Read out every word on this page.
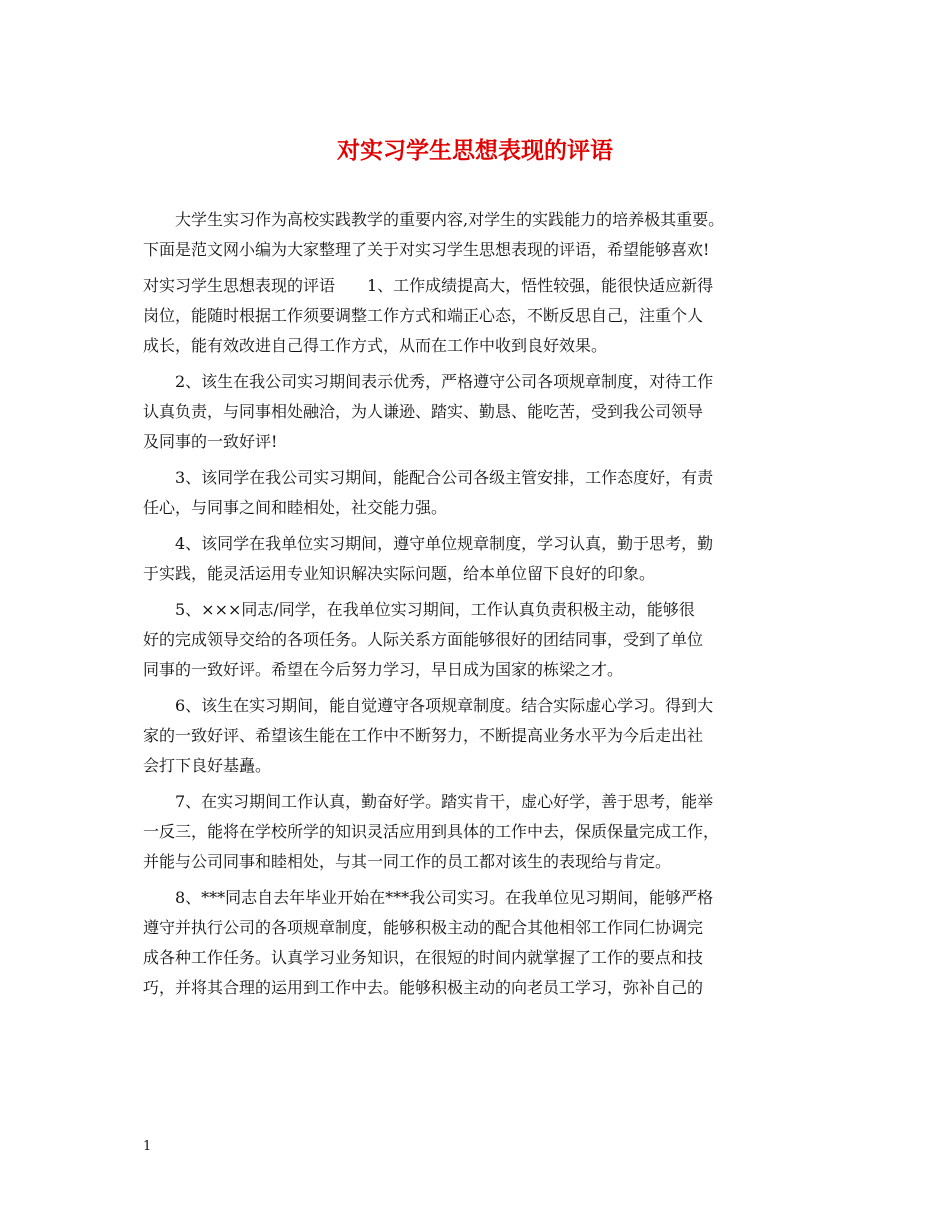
对实习学生思想表现的评语

大学生实习作为高校实践教学的重要内容,对学生的实践能力的培养极其重要。
下面是范文网小编为大家整理了关于对实习学生思想表现的评语，希望能够喜欢!

对实习学生思想表现的评语　　1、工作成绩提高大，悟性较强，能很快适应新得
岗位，能随时根据工作须要调整工作方式和端正心态，不断反思自己，注重个人
成长，能有效改进自己得工作方式，从而在工作中收到良好效果。

2、该生在我公司实习期间表示优秀，严格遵守公司各项规章制度，对待工作
认真负责，与同事相处融洽，为人谦逊、踏实、勤恳、能吃苦，受到我公司领导
及同事的一致好评!

3、该同学在我公司实习期间，能配合公司各级主管安排，工作态度好，有责
任心，与同事之间和睦相处，社交能力强。

4、该同学在我单位实习期间，遵守单位规章制度，学习认真，勤于思考，勤
于实践，能灵活运用专业知识解决实际问题，给本单位留下良好的印象。

5、×××同志/同学，在我单位实习期间，工作认真负责积极主动，能够很
好的完成领导交给的各项任务。人际关系方面能够很好的团结同事，受到了单位
同事的一致好评。希望在今后努力学习，早日成为国家的栋梁之才。

6、该生在实习期间，能自觉遵守各项规章制度。结合实际虚心学习。得到大
家的一致好评、希望该生能在工作中不断努力，不断提高业务水平为今后走出社
会打下良好基矗。

7、在实习期间工作认真，勤奋好学。踏实肯干，虚心好学，善于思考，能举
一反三，能将在学校所学的知识灵活应用到具体的工作中去，保质保量完成工作，
并能与公司同事和睦相处，与其一同工作的员工都对该生的表现给与肯定。

8、***同志自去年毕业开始在***我公司实习。在我单位见习期间，能够严格
遵守并执行公司的各项规章制度，能够积极主动的配合其他相邻工作同仁协调完
成各种工作任务。认真学习业务知识，在很短的时间内就掌握了工作的要点和技
巧，并将其合理的运用到工作中去。能够积极主动的向老员工学习，弥补自己的

1
